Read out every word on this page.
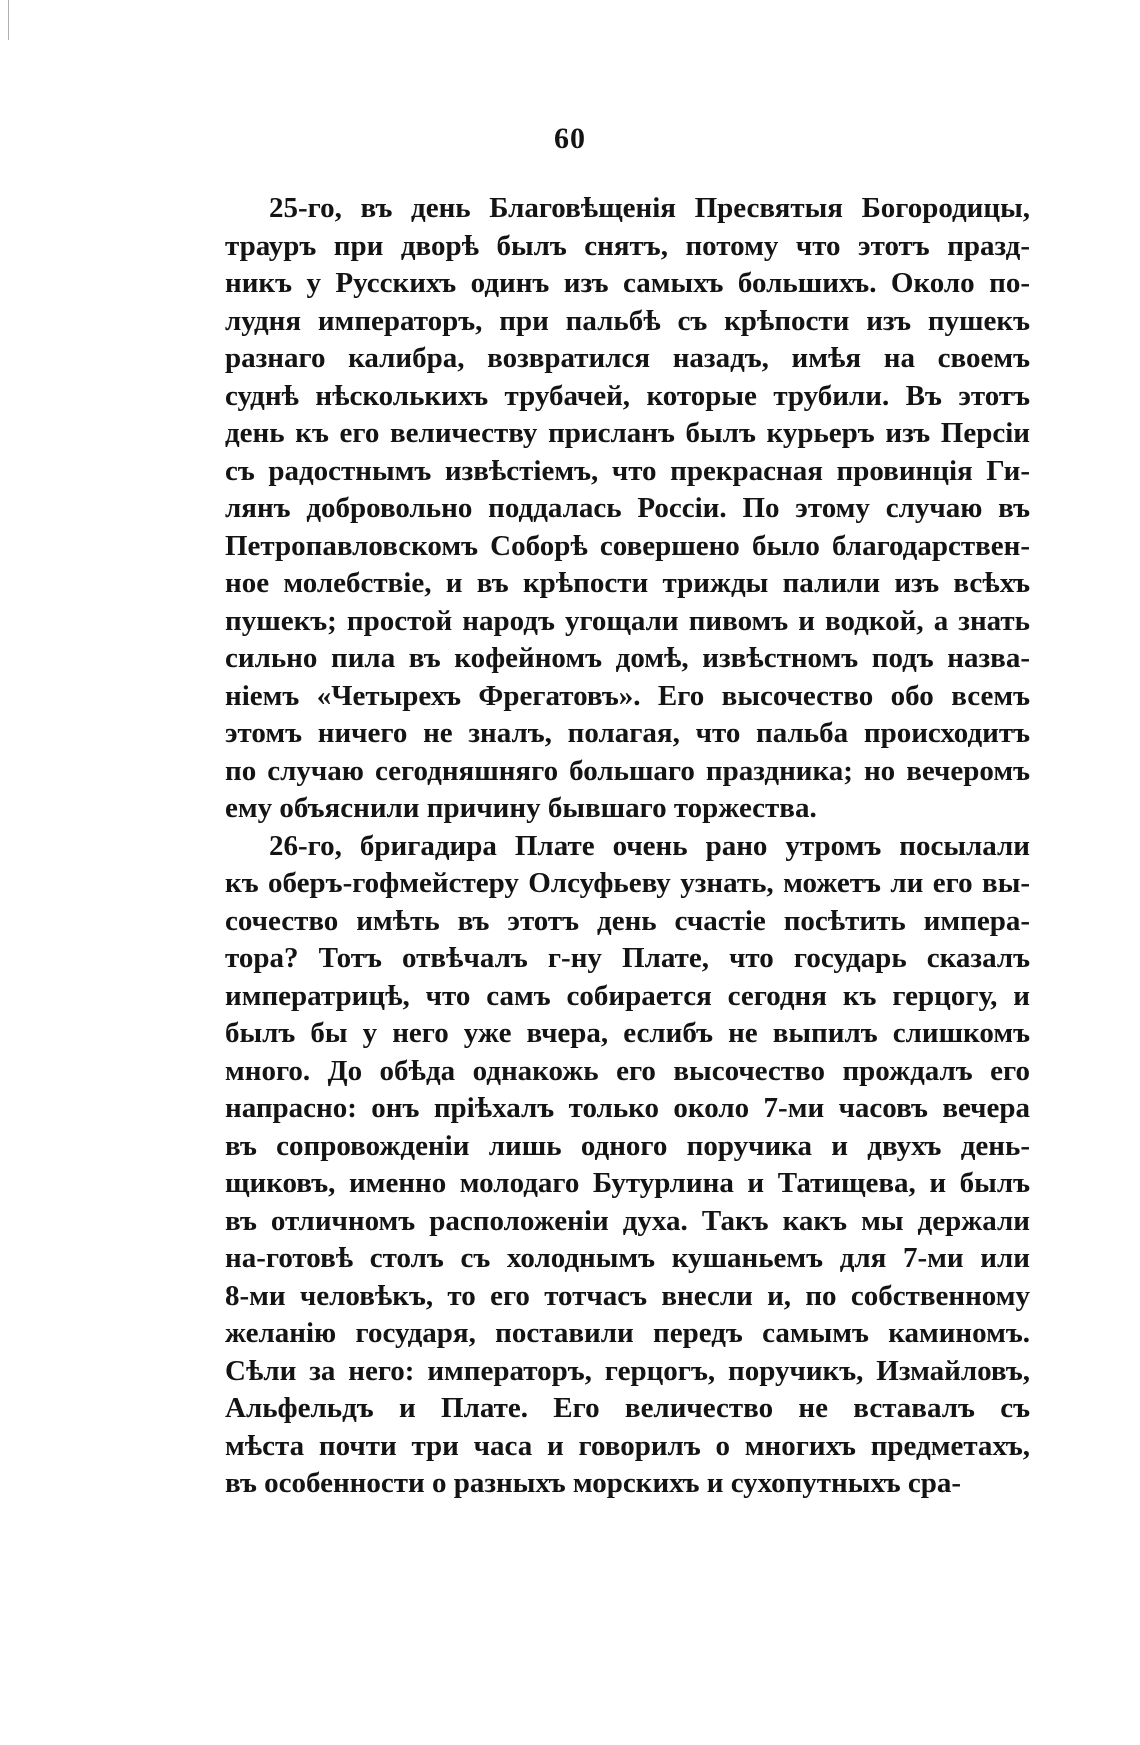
60
25-го, въ день Благовѣщенія Пресвятыя Богородицы,
трауръ при дворѣ былъ снятъ, потому что этотъ празд-
никъ у Русскихъ одинъ изъ самыхъ большихъ. Около по-
лудня императоръ, при пальбѣ съ крѣпости изъ пушекъ
разнаго калибра, возвратился назадъ, имѣя на своемъ
суднѣ нѣсколькихъ трубачей, которые трубили. Въ этотъ
день къ его величеству присланъ былъ курьеръ изъ Персіи
съ радостнымъ извѣстіемъ, что прекрасная провинція Ги-
лянъ добровольно поддалась Россіи. По этому случаю въ
Петропавловскомъ Соборѣ совершено было благодарствен-
ное молебствіе, и въ крѣпости трижды палили изъ всѣхъ
пушекъ; простой народъ угощали пивомъ и водкой, а знать
сильно пила въ кофейномъ домѣ, извѣстномъ подъ назва-
ніемъ «Четырехъ Фрегатовъ». Его высочество обо всемъ
этомъ ничего не зналъ, полагая, что пальба происходитъ
по случаю сегодняшняго большаго праздника; но вечеромъ
ему объяснили причину бывшаго торжества.
26-го, бригадира Плате очень рано утромъ посылали
къ оберъ-гофмейстеру Олсуфьеву узнать, можетъ ли его вы-
сочество имѣть въ этотъ день счастіе посѣтить импера-
тора? Тотъ отвѣчалъ г-ну Плате, что государь сказалъ
императрицѣ, что самъ собирается сегодня къ герцогу, и
былъ бы у него уже вчера, еслибъ не выпилъ слишкомъ
много. До обѣда однакожь его высочество прождалъ его
напрасно: онъ пріѣхалъ только около 7-ми часовъ вечера
въ сопровожденіи лишь одного поручика и двухъ день-
щиковъ, именно молодаго Бутурлина и Татищева, и былъ
въ отличномъ расположеніи духа. Такъ какъ мы держали
на-готовѣ столъ съ холоднымъ кушаньемъ для 7-ми или
8-ми человѣкъ, то его тотчасъ внесли и, по собственному
желанію государя, поставили передъ самымъ каминомъ.
Сѣли за него: императоръ, герцогъ, поручикъ, Измайловъ,
Альфельдъ и Плате. Его величество не вставалъ съ
мѣста почти три часа и говорилъ о многихъ предметахъ,
въ особенности о разныхъ морскихъ и сухопутныхъ сра-
